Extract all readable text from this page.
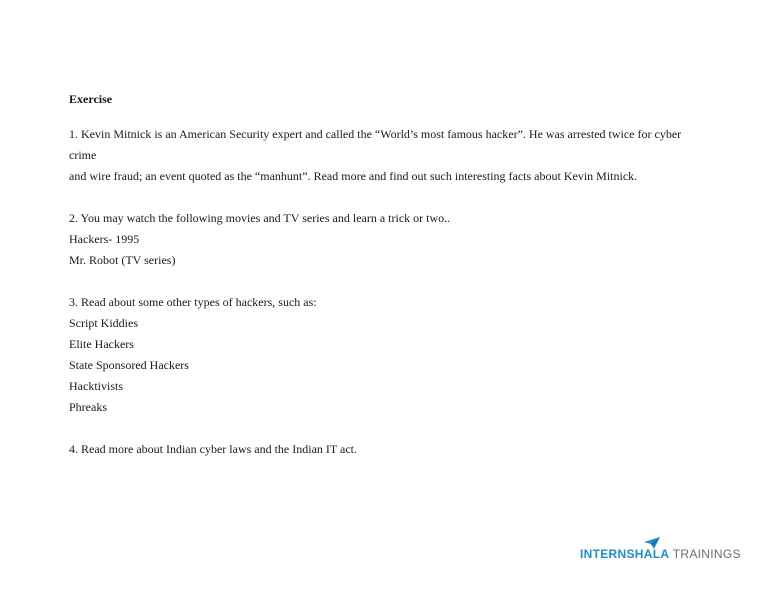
Exercise

1. Kevin Mitnick is an American Security expert and called the “World’s most famous hacker”. He was arrested twice for cyber crime

and wire fraud; an event quoted as the “manhunt”. Read more and find out such interesting facts about Kevin Mitnick.

2. You may watch the following movies and TV series and learn a trick or two..

Hackers- 1995

Mr. Robot (TV series)

3. Read about some other types of hackers, such as:

Script Kiddies

Elite Hackers

State Sponsored Hackers

Hacktivists

Phreaks

4. Read more about Indian cyber laws and the Indian IT act.

INTERNSHALA TRAININGS
